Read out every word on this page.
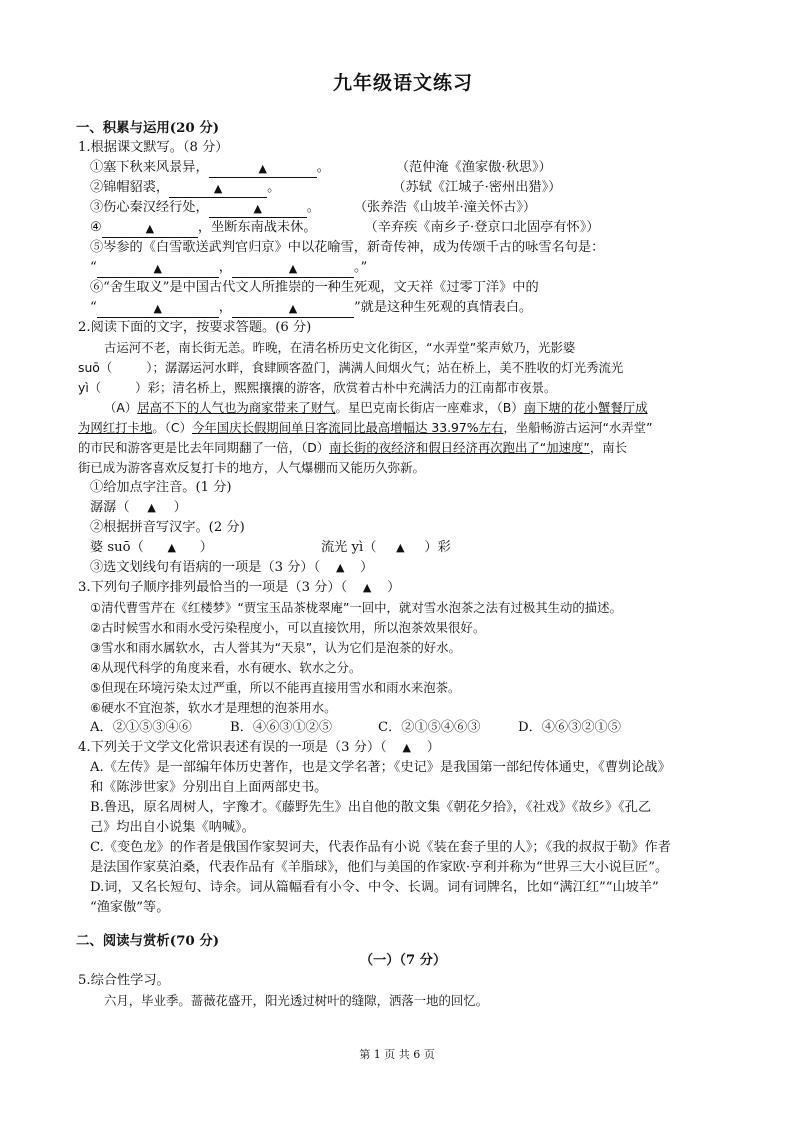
九年级语文练习
一、积累与运用(20 分)
1.根据课文默写。（8 分）
①塞下秋来风景异，	▲	。	（范仲淹《渔家傲·秋思》）
②锦帽貂裘，	▲	。	（苏轼《江城子·密州出猎》）
③伤心秦汉经行处，	▲	。	（张养浩《山坡羊·潼关怀古》）
④	▲	，坐断东南战未休。	（辛弃疾《南乡子·登京口北固亭有怀》）
⑤岑参的《白雪歌送武判官归京》中以花喻雪，新奇传神，成为传颂千古的咏雪名句是：
“	▲	，	▲	。”
⑥“舍生取义”是中国古代文人所推崇的一种生死观，文天祥《过零丁洋》中的
“	▲	，	▲	”就是这种生死观的真情表白。
2.阅读下面的文字，按要求答题。(6 分)
古运河不老，南长街无恙。昨晚，在清名桥历史文化街区，“水弄堂”桨声欸乃，光影婆
suō（	）；潺潺运河水畔，食肆顾客盈门，满满人间烟火气；站在桥上，美不胜收的灯光秀流光
yì（	）彩；清名桥上，熙熙攘攘的游客，欣赏着古朴中充满活力的江南都市夜景。
（A）居高不下的人气也为商家带来了财气。星巴克南长街店一座难求，（B）南下塘的花小蟹餐厅成
为网红打卡地。（C）今年国庆长假期间单日客流同比最高增幅达 33.97%左右，坐船畅游古运河“水弄堂”
的市民和游客更是比去年同期翻了一倍，（D）南长街的夜经济和假日经济再次跑出了“加速度”，南长
街已成为游客喜欢反复打卡的地方，人气爆棚而又能历久弥新。
①给加点字注音。(1 分)
潺潺（ ▲ ）
②根据拼音写汉字。(2 分)
婆 suō（ ▲ ）	流光 yì（ ▲ ）彩
③选文划线句有语病的一项是（3 分）（ ▲ ）
3.下列句子顺序排列最恰当的一项是（3 分）（ ▲ ）
①清代曹雪芹在《红楼梦》“贾宝玉品茶栊翠庵”一回中，就对雪水泡茶之法有过极其生动的描述。
②古时候雪水和雨水受污染程度小，可以直接饮用，所以泡茶效果很好。
③雪水和雨水属软水，古人誉其为“天泉”，认为它们是泡茶的好水。
④从现代科学的角度来看，水有硬水、软水之分。
⑤但现在环境污染太过严重，所以不能再直接用雪水和雨水来泡茶。
⑥硬水不宜泡茶，软水才是理想的泡茶用水。
A．②①⑤③④⑥	B．④⑥③①②⑤	C．②①⑤④⑥③	D．④⑥③②①⑤
4.下列关于文学文化常识表述有误的一项是（3 分）（ ▲ ）
A.《左传》是一部编年体历史著作，也是文学名著；《史记》是我国第一部纪传体通史，《曹刿论战》
和《陈涉世家》分别出自上面两部史书。
B.鲁迅，原名周树人，字豫才。《藤野先生》出自他的散文集《朝花夕拾》，《社戏》《故乡》《孔乙
己》均出自小说集《呐喊》。
C.《变色龙》的作者是俄国作家契诃夫，代表作品有小说《装在套子里的人》；《我的叔叔于勒》作者
是法国作家莫泊桑，代表作品有《羊脂球》，他们与美国的作家欧·亨利并称为“世界三大小说巨匠”。
D.词，又名长短句、诗余。词从篇幅看有小令、中令、长调。词有词牌名，比如“满江红”“山坡羊”
“渔家傲”等。
二、阅读与赏析(70 分)
（一）（7 分）
5.综合性学习。
六月，毕业季。蔷薇花盛开，阳光透过树叶的缝隙，洒落一地的回忆。
第 1 页 共 6 页
